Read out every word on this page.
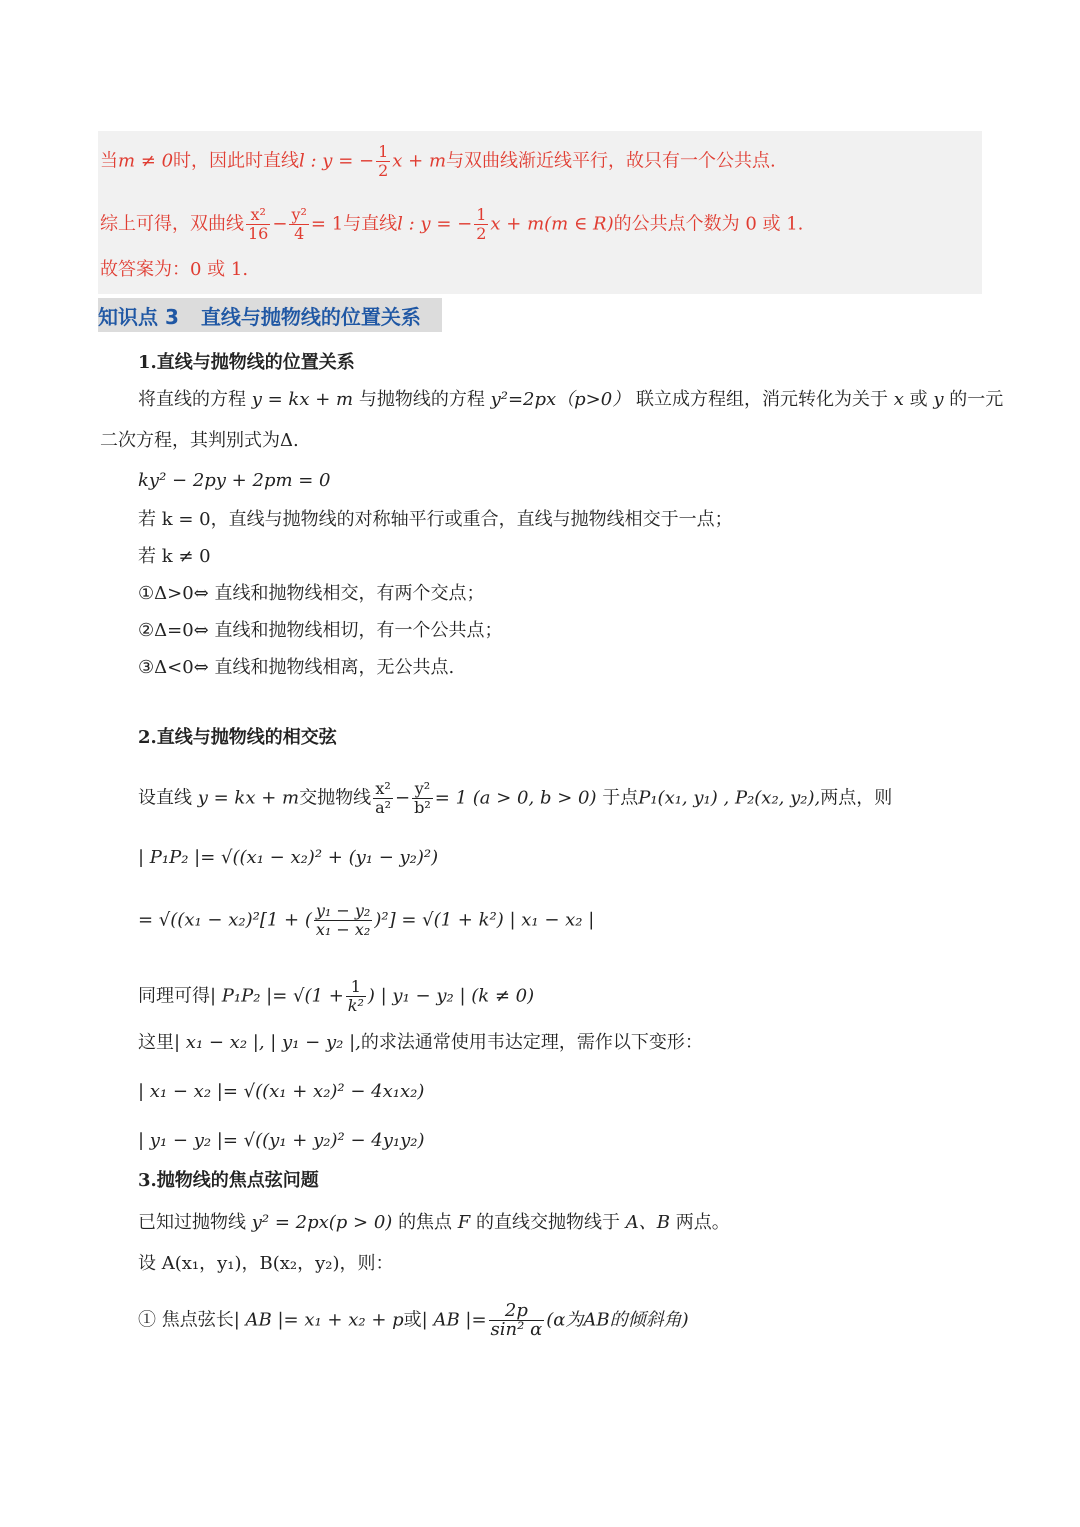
当m ≠ 0时，因此时直线l : y = − $\frac{1}{2}$ x + m与双曲线渐近线平行，故只有一个公共点.
综上可得，双曲线 $\frac{\text{x²}}{16} - \frac{\text{y²}}{4} = 1$与直线l : y = − $\frac{1}{2}$ x + m(m ∈ R)的公共点个数为 0 或 1.
故答案为：0 或 1.
知识点 3 直线与抛物线的位置关系
1.直线与抛物线的位置关系
将直线的方程 y = kx + m 与抛物线的方程 y²=2px（p>0） 联立成方程组，消元转化为关于 x 或 y 的一元
二次方程，其判别式为Δ.
ky² − 2py + 2pm = 0
若 k = 0，直线与抛物线的对称轴平行或重合，直线与抛物线相交于一点；
若 k ≠ 0
①Δ>0⇔ 直线和抛物线相交，有两个交点；
②Δ=0⇔ 直线和抛物线相切，有一个公共点；
③Δ<0⇔ 直线和抛物线相离，无公共点.
2.直线与抛物线的相交弦
设直线 y = kx + m交抛物线 $\frac{\text{x²}}{\text{a²}} - \frac{\text{y²}}{\text{b²}} = 1$ (a > 0, b > 0) 于点P₁(x₁, y₁) , P₂(x₂, y₂),两点，则
| P₁P₂ |= √((x₁ − x₂)² + (y₁ − y₂)²)
= √((x₁ − x₂)²[1 + ( $\frac{\text{y₁ − y₂}}{\text{x₁ − x₂}} )^2] = √(1 + k^2)$ | x₁ − x₂ |
同理可得| P₁P₂ |= $√(1 + \frac{1}{\text{k²}}$ ) | y₁ − y₂ | (k ≠ 0)
这里| x₁ − x₂ |, | y₁ − y₂ |,的求法通常使用韦达定理，需作以下变形：
| x₁ − x₂ |= √((x₁ + x₂)² − 4x₁x₂)
| y₁ − y₂ |= √((y₁ + y₂)² − 4y₁y₂)
3.抛物线的焦点弦问题
已知过抛物线 y² = 2px(p > 0) 的焦点 F 的直线交抛物线于 A、B 两点。
设 A(x₁，y₁)，B(x₂，y₂)，则：
① 焦点弦长| AB |= x₁ + x₂ + p或| AB |= $\frac{2p}{\text{sin² α}} (\alpha$为AB的倾斜角)
